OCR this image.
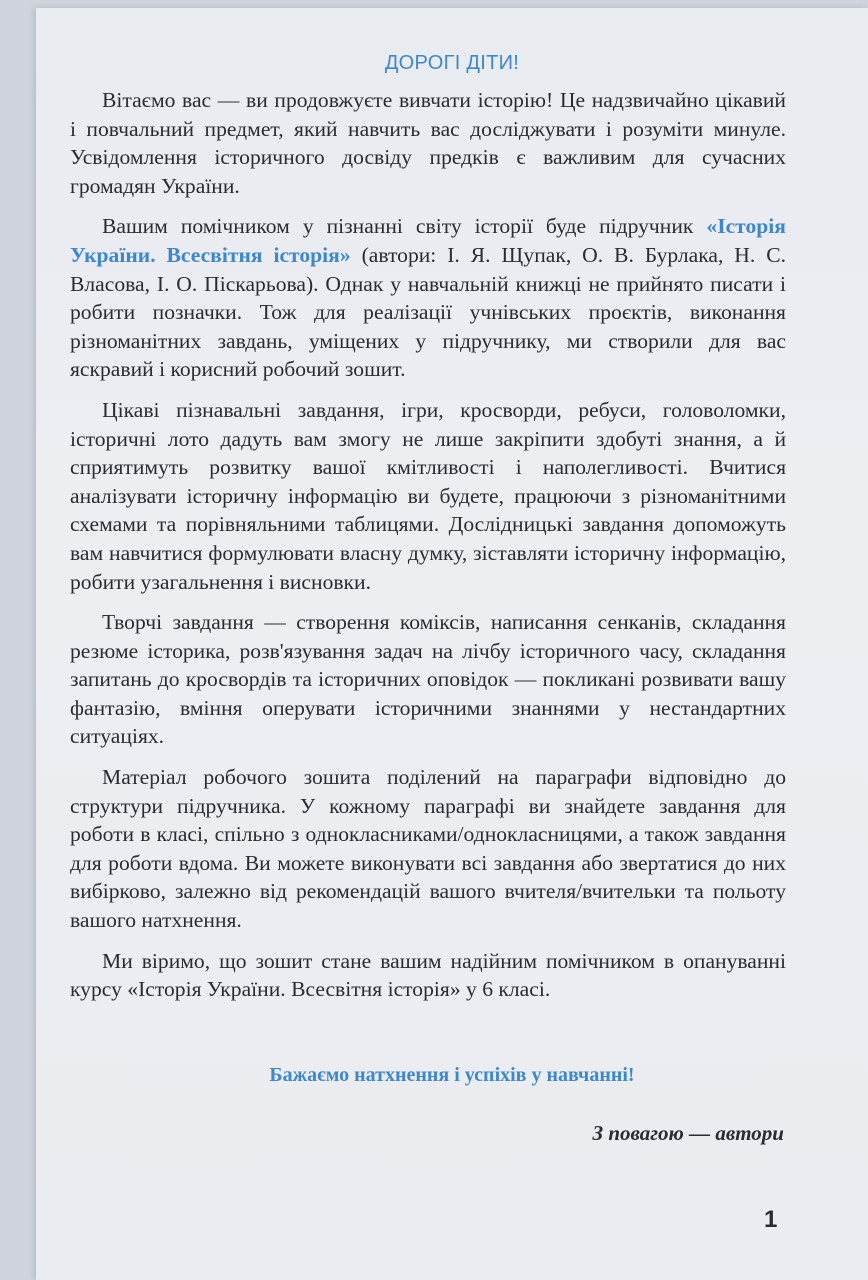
ДОРОГІ ДІТИ!

Вітаємо вас — ви продовжуєте вивчати історію! Це надзвичайно цікавий і повчальний предмет, який навчить вас досліджувати і розуміти минуле. Усвідомлення історичного досвіду предків є важливим для сучасних громадян України.

Вашим помічником у пізнанні світу історії буде підручник «Історія України. Всесвітня історія» (автори: І. Я. Щупак, О. В. Бурлака, Н. С. Власова, І. О. Піскарьова). Однак у навчальній книжці не прийнято писати і робити позначки. Тож для реалізації учнівських проєктів, виконання різноманітних завдань, уміщених у підручнику, ми створили для вас яскравий і корисний робочий зошит.

Цікаві пізнавальні завдання, ігри, кросворди, ребуси, головоломки, історичні лото дадуть вам змогу не лише закріпити здобуті знання, а й сприятимуть розвитку вашої кмітливості і наполегливості. Вчитися аналізувати історичну інформацію ви будете, працюючи з різноманітними схемами та порівняльними таблицями. Дослідницькі завдання допоможуть вам навчитися формулювати власну думку, зіставляти історичну інформацію, робити узагальнення і висновки.

Творчі завдання — створення коміксів, написання сенканів, складання резюме історика, розв'язування задач на лічбу історичного часу, складання запитань до кросвордів та історичних оповідок — покликані розвивати вашу фантазію, вміння оперувати історичними знаннями у нестандартних ситуаціях.

Матеріал робочого зошита поділений на параграфи відповідно до структури підручника. У кожному параграфі ви знайдете завдання для роботи в класі, спільно з однокласниками/однокласницями, а також завдання для роботи вдома. Ви можете виконувати всі завдання або звертатися до них вибірково, залежно від рекомендацій вашого вчителя/вчительки та польоту вашого натхнення.

Ми віримо, що зошит стане вашим надійним помічником в опануванні курсу «Історія України. Всесвітня історія» у 6 класі.

Бажаємо натхнення і успіхів у навчанні!
З повагою — автори
1
